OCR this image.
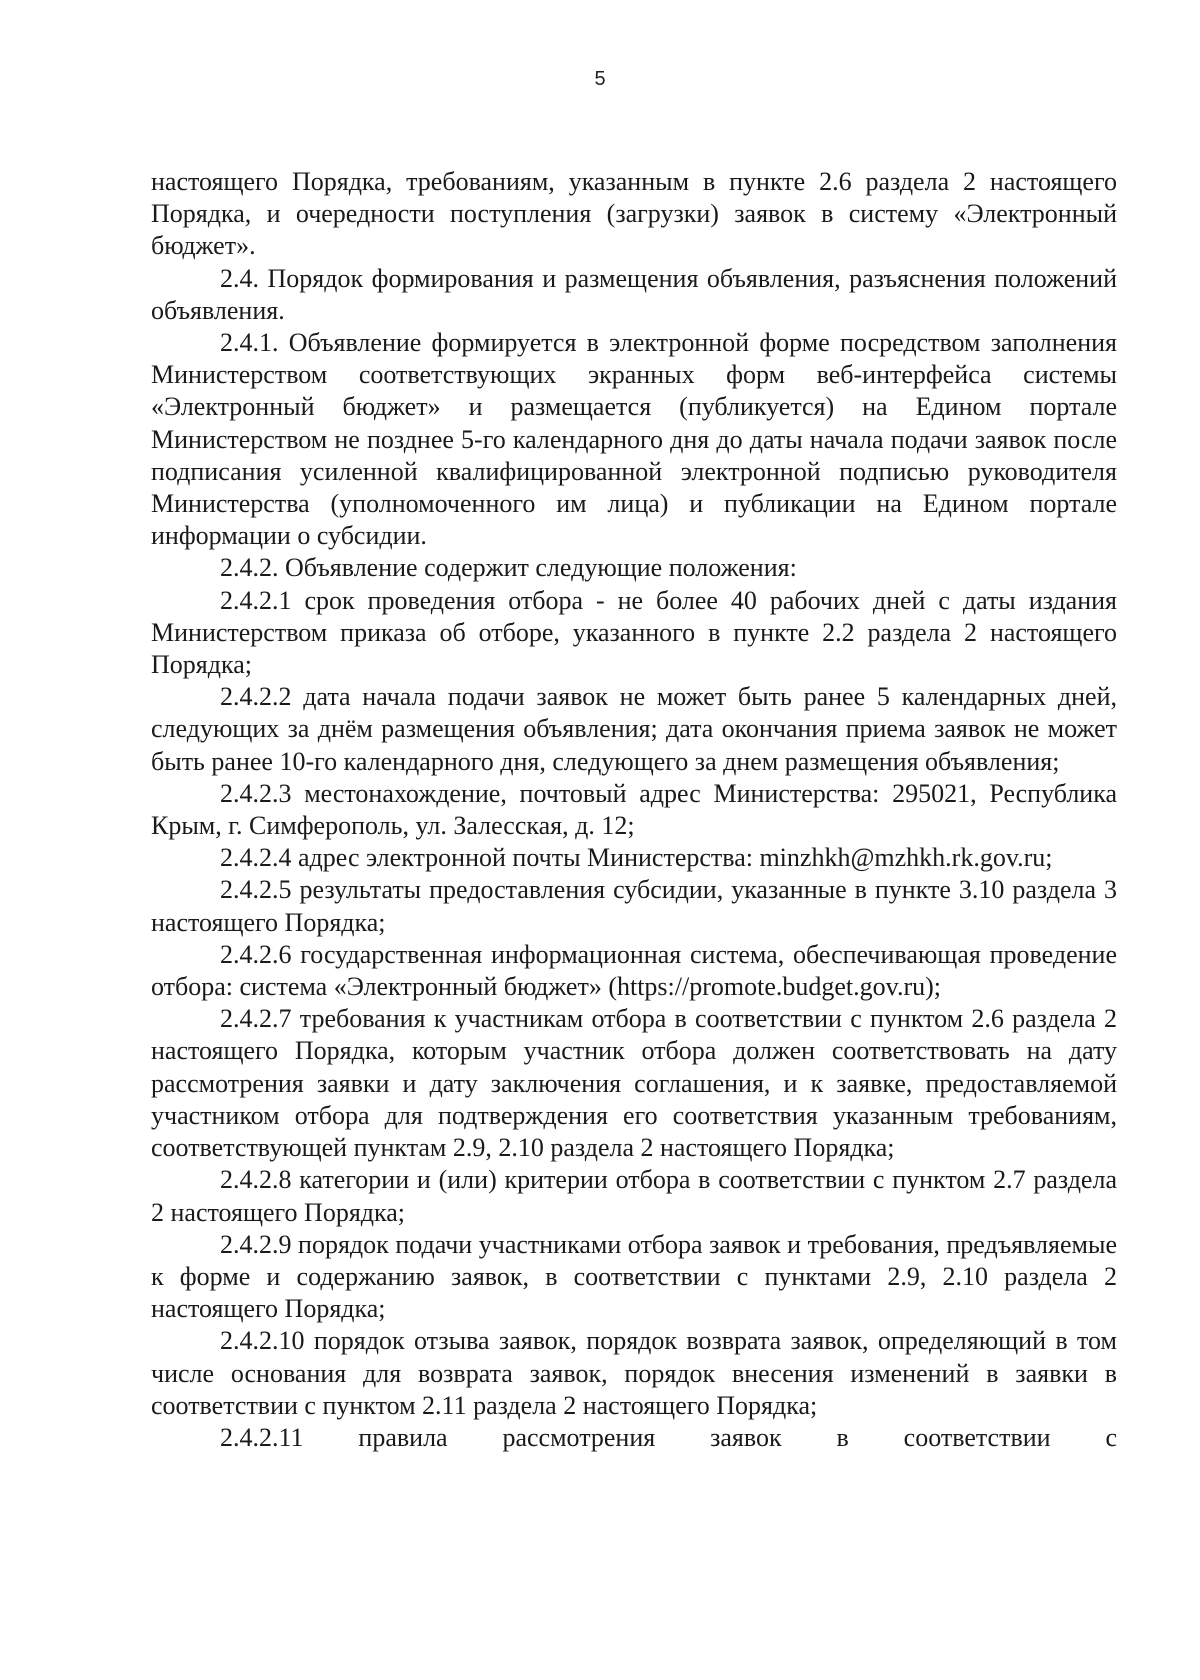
5

настоящего Порядка, требованиям, указанным в пункте 2.6 раздела 2 настоящего Порядка, и очередности поступления (загрузки) заявок в систему «Электронный бюджет».

2.4. Порядок формирования и размещения объявления, разъяснения положений объявления.

2.4.1. Объявление формируется в электронной форме посредством заполнения Министерством соответствующих экранных форм веб-интерфейса системы «Электронный бюджет» и размещается (публикуется) на Едином портале Министерством не позднее 5-го календарного дня до даты начала подачи заявок после подписания усиленной квалифицированной электронной подписью руководителя Министерства (уполномоченного им лица) и публикации на Едином портале информации о субсидии.

2.4.2. Объявление содержит следующие положения:

2.4.2.1 срок проведения отбора - не более 40 рабочих дней с даты издания Министерством приказа об отборе, указанного в пункте 2.2 раздела 2 настоящего Порядка;

2.4.2.2 дата начала подачи заявок не может быть ранее 5 календарных дней, следующих за днём размещения объявления; дата окончания приема заявок не может быть ранее 10-го календарного дня, следующего за днем размещения объявления;

2.4.2.3 местонахождение, почтовый адрес Министерства: 295021, Республика Крым, г. Симферополь, ул. Залесская, д. 12;

2.4.2.4 адрес электронной почты Министерства: minzhkh@mzhkh.rk.gov.ru;

2.4.2.5 результаты предоставления субсидии, указанные в пункте 3.10 раздела 3 настоящего Порядка;

2.4.2.6 государственная информационная система, обеспечивающая проведение отбора: система «Электронный бюджет» (https://promote.budget.gov.ru);

2.4.2.7 требования к участникам отбора в соответствии с пунктом 2.6 раздела 2 настоящего Порядка, которым участник отбора должен соответствовать на дату рассмотрения заявки и дату заключения соглашения, и к заявке, предоставляемой участником отбора для подтверждения его соответствия указанным требованиям, соответствующей пунктам 2.9, 2.10 раздела 2 настоящего Порядка;

2.4.2.8 категории и (или) критерии отбора в соответствии с пунктом 2.7 раздела 2 настоящего Порядка;

2.4.2.9 порядок подачи участниками отбора заявок и требования, предъявляемые к форме и содержанию заявок, в соответствии с пунктами 2.9, 2.10 раздела 2 настоящего Порядка;

2.4.2.10 порядок отзыва заявок, порядок возврата заявок, определяющий в том числе основания для возврата заявок, порядок внесения изменений в заявки в соответствии с пунктом 2.11 раздела 2 настоящего Порядка;

2.4.2.11 правила рассмотрения заявок в соответствии с
